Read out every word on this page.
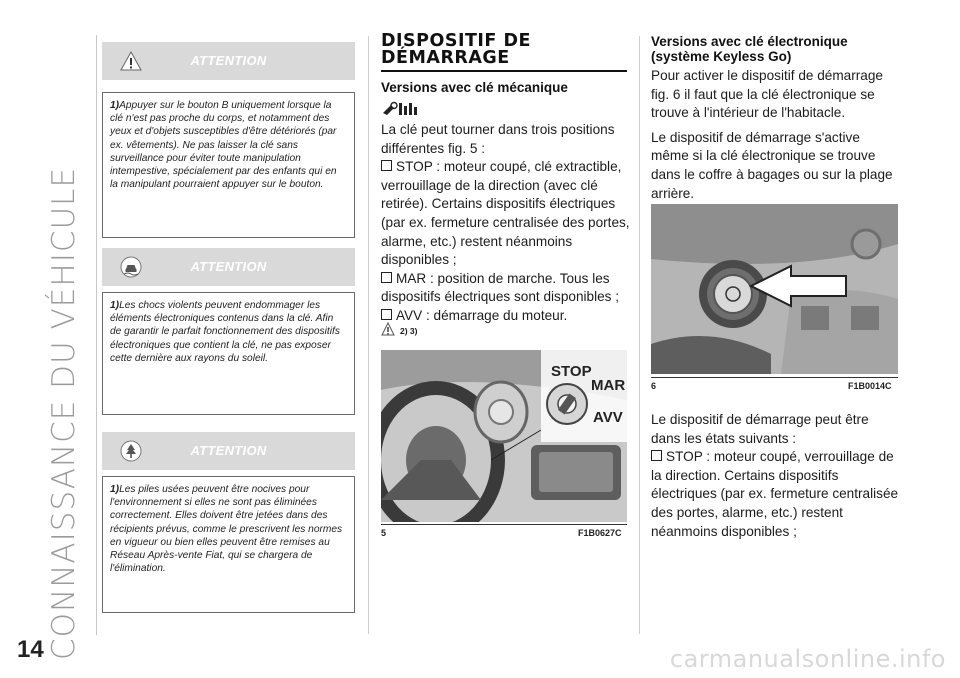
CONNAISSANCE DU VÉHICULE
14
ATTENTION
1)Appuyer sur le bouton B uniquement lorsque la clé n'est pas proche du corps, et notamment des yeux et d'objets susceptibles d'être détériorés (par ex. vêtements). Ne pas laisser la clé sans surveillance pour éviter toute manipulation intempestive, spécialement par des enfants qui en la manipulant pourraient appuyer sur le bouton.
ATTENTION
1)Les chocs violents peuvent endommager les éléments électroniques contenus dans la clé. Afin de garantir le parfait fonctionnement des dispositifs électroniques que contient la clé, ne pas exposer cette dernière aux rayons du soleil.
ATTENTION
1)Les piles usées peuvent être nocives pour l'environnement si elles ne sont pas éliminées correctement. Elles doivent être jetées dans des récipients prévus, comme le prescrivent les normes en vigueur ou bien elles peuvent être remises au Réseau Après-vente Fiat, qui se chargera de l'élimination.
DISPOSITIF DE
DÉMARRAGE
Versions avec clé mécanique

La clé peut tourner dans trois positions différentes fig. 5 :

STOP : moteur coupé, clé extractible, verrouillage de la direction (avec clé retirée). Certains dispositifs électriques (par ex. fermeture centralisée des portes, alarme, etc.) restent néanmoins disponibles ;

MAR : position de marche. Tous les dispositifs électriques sont disponibles ;

AVV : démarrage du moteur.

2) 3)
STOP
MAR
AVV
5	F1B0627C
Versions avec clé électronique
(système Keyless Go)

Pour activer le dispositif de démarrage fig. 6 il faut que la clé électronique se trouve à l'intérieur de l'habitacle.

Le dispositif de démarrage s'active même si la clé électronique se trouve dans le coffre à bagages ou sur la plage arrière.

6	F1B0014C

Le dispositif de démarrage peut être dans les états suivants :

STOP : moteur coupé, verrouillage de la direction. Certains dispositifs électriques (par ex. fermeture centralisée des portes, alarme, etc.) restent néanmoins disponibles ;

carmanualsonline.info
